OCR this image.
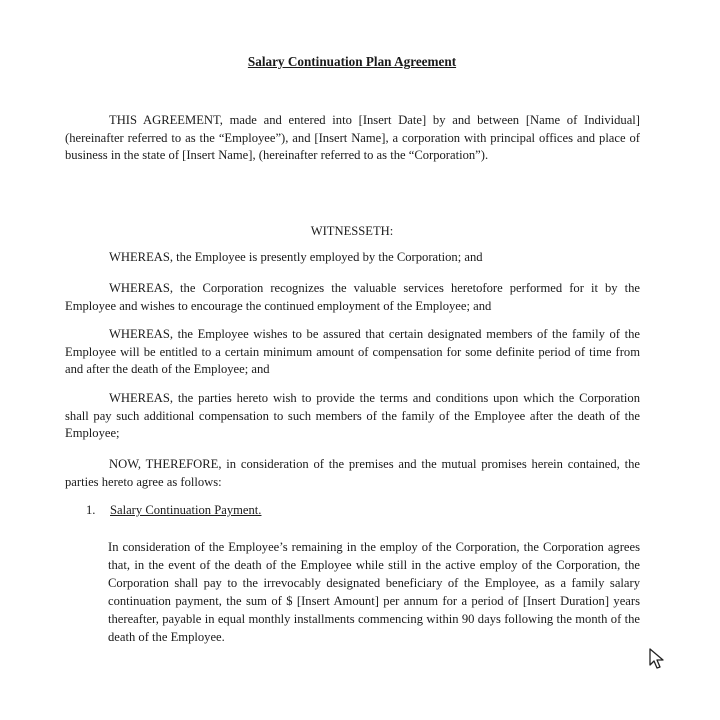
Salary Continuation Plan Agreement

THIS AGREEMENT, made and entered into [Insert Date] by and between [Name of Individual] (hereinafter referred to as the “Employee”), and [Insert Name], a corporation with principal offices and place of business in the state of [Insert Name], (hereinafter referred to as the “Corporation”).

WITNESSETH:

WHEREAS, the Employee is presently employed by the Corporation; and

WHEREAS, the Corporation recognizes the valuable services heretofore performed for it by the Employee and wishes to encourage the continued employment of the Employee; and

WHEREAS, the Employee wishes to be assured that certain designated members of the family of the Employee will be entitled to a certain minimum amount of compensation for some definite period of time from and after the death of the Employee; and

WHEREAS, the parties hereto wish to provide the terms and conditions upon which the Corporation shall pay such additional compensation to such members of the family of the Employee after the death of the Employee;

NOW, THEREFORE, in consideration of the premises and the mutual promises herein contained, the parties hereto agree as follows:

1. Salary Continuation Payment.

In consideration of the Employee’s remaining in the employ of the Corporation, the Corporation agrees that, in the event of the death of the Employee while still in the active employ of the Corporation, the Corporation shall pay to the irrevocably designated beneficiary of the Employee, as a family salary continuation payment, the sum of $ [Insert Amount] per annum for a period of [Insert Duration] years thereafter, payable in equal monthly installments commencing within 90 days following the month of the death of the Employee.
